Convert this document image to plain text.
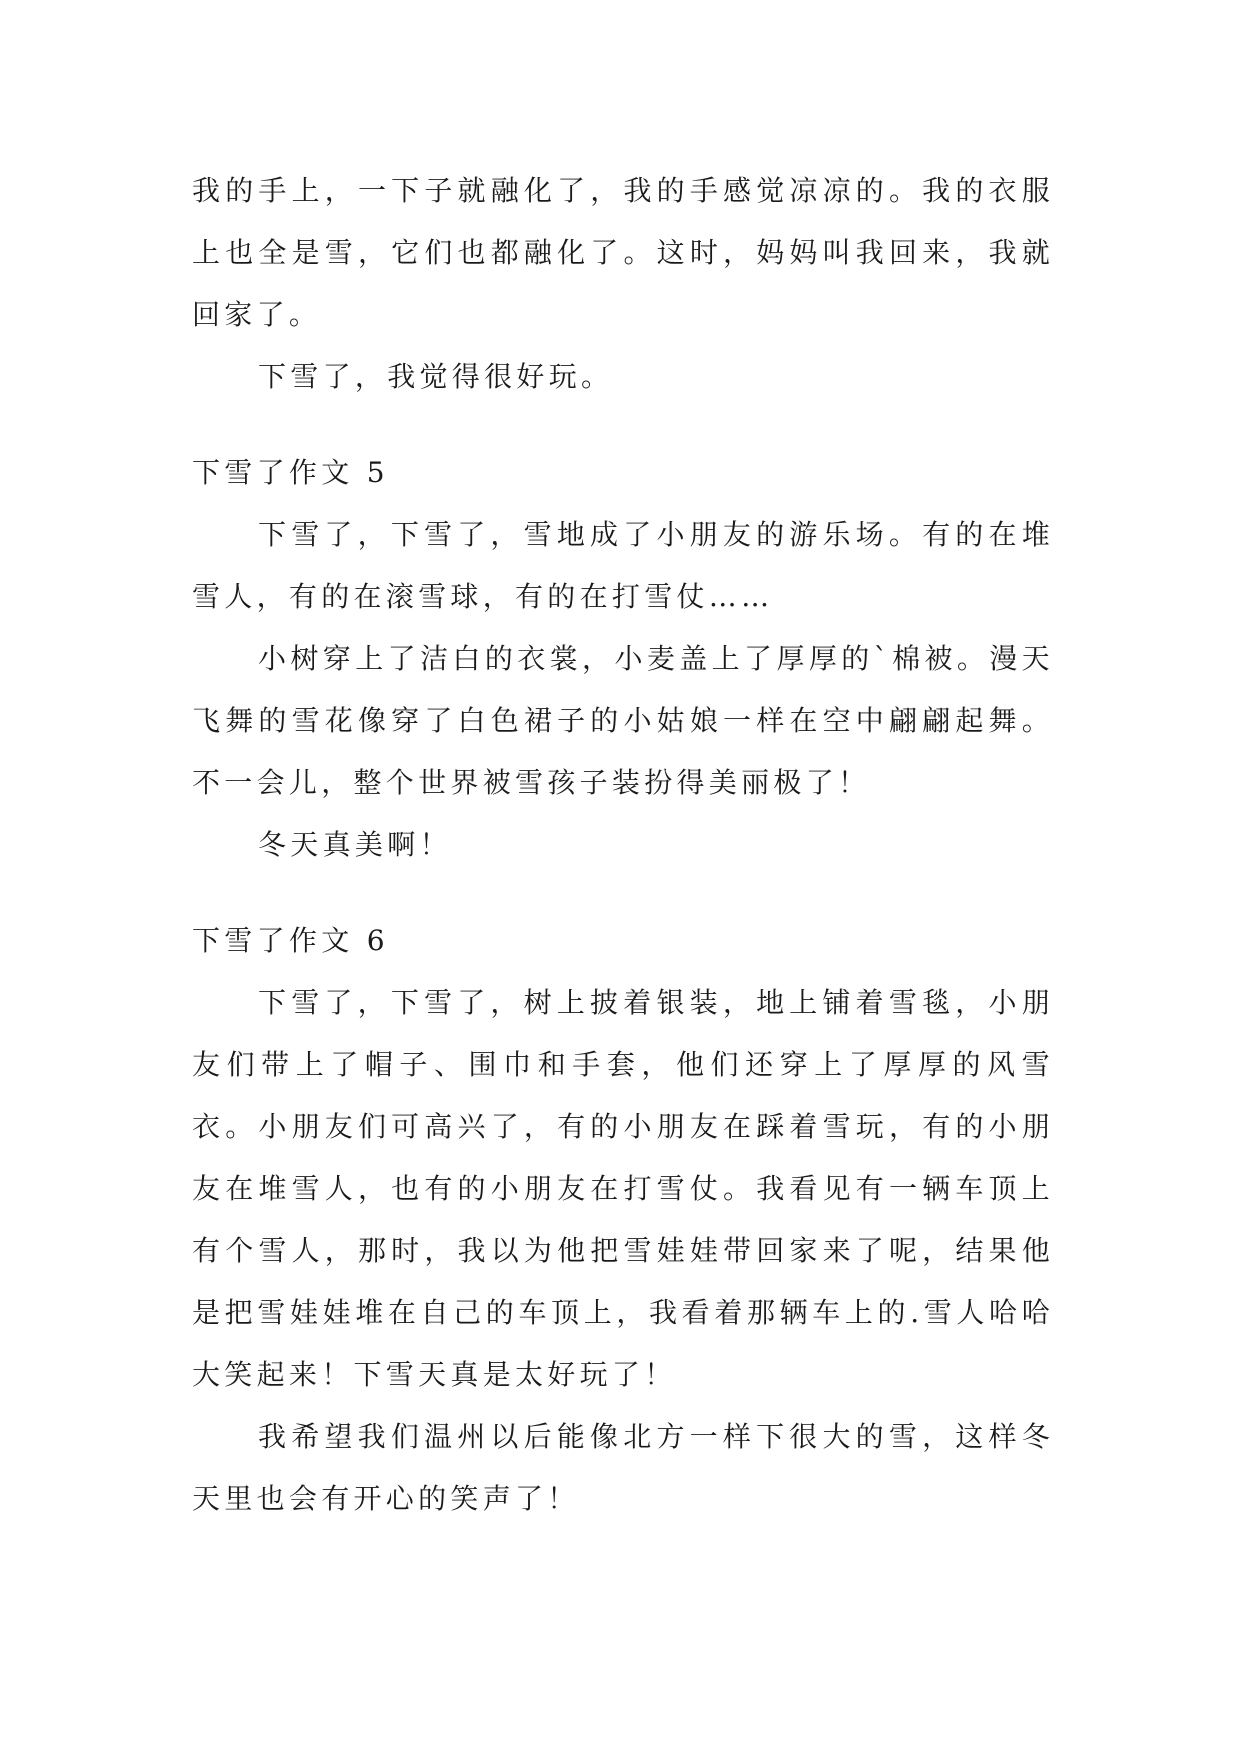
我的手上，一下子就融化了，我的手感觉凉凉的。我的衣服上也全是雪，它们也都融化了。这时，妈妈叫我回来，我就回家了。

下雪了，我觉得很好玩。

下雪了作文 5

下雪了，下雪了，雪地成了小朋友的游乐场。有的在堆雪人，有的在滚雪球，有的在打雪仗……

小树穿上了洁白的衣裳，小麦盖上了厚厚的`棉被。漫天飞舞的雪花像穿了白色裙子的小姑娘一样在空中翩翩起舞。不一会儿，整个世界被雪孩子装扮得美丽极了！

冬天真美啊！

下雪了作文 6

下雪了，下雪了，树上披着银装，地上铺着雪毯，小朋友们带上了帽子、围巾和手套，他们还穿上了厚厚的风雪衣。小朋友们可高兴了，有的小朋友在踩着雪玩，有的小朋友在堆雪人，也有的小朋友在打雪仗。我看见有一辆车顶上有个雪人，那时，我以为他把雪娃娃带回家来了呢，结果他是把雪娃娃堆在自己的车顶上，我看着那辆车上的.雪人哈哈大笑起来！下雪天真是太好玩了！

我希望我们温州以后能像北方一样下很大的雪，这样冬天里也会有开心的笑声了！
